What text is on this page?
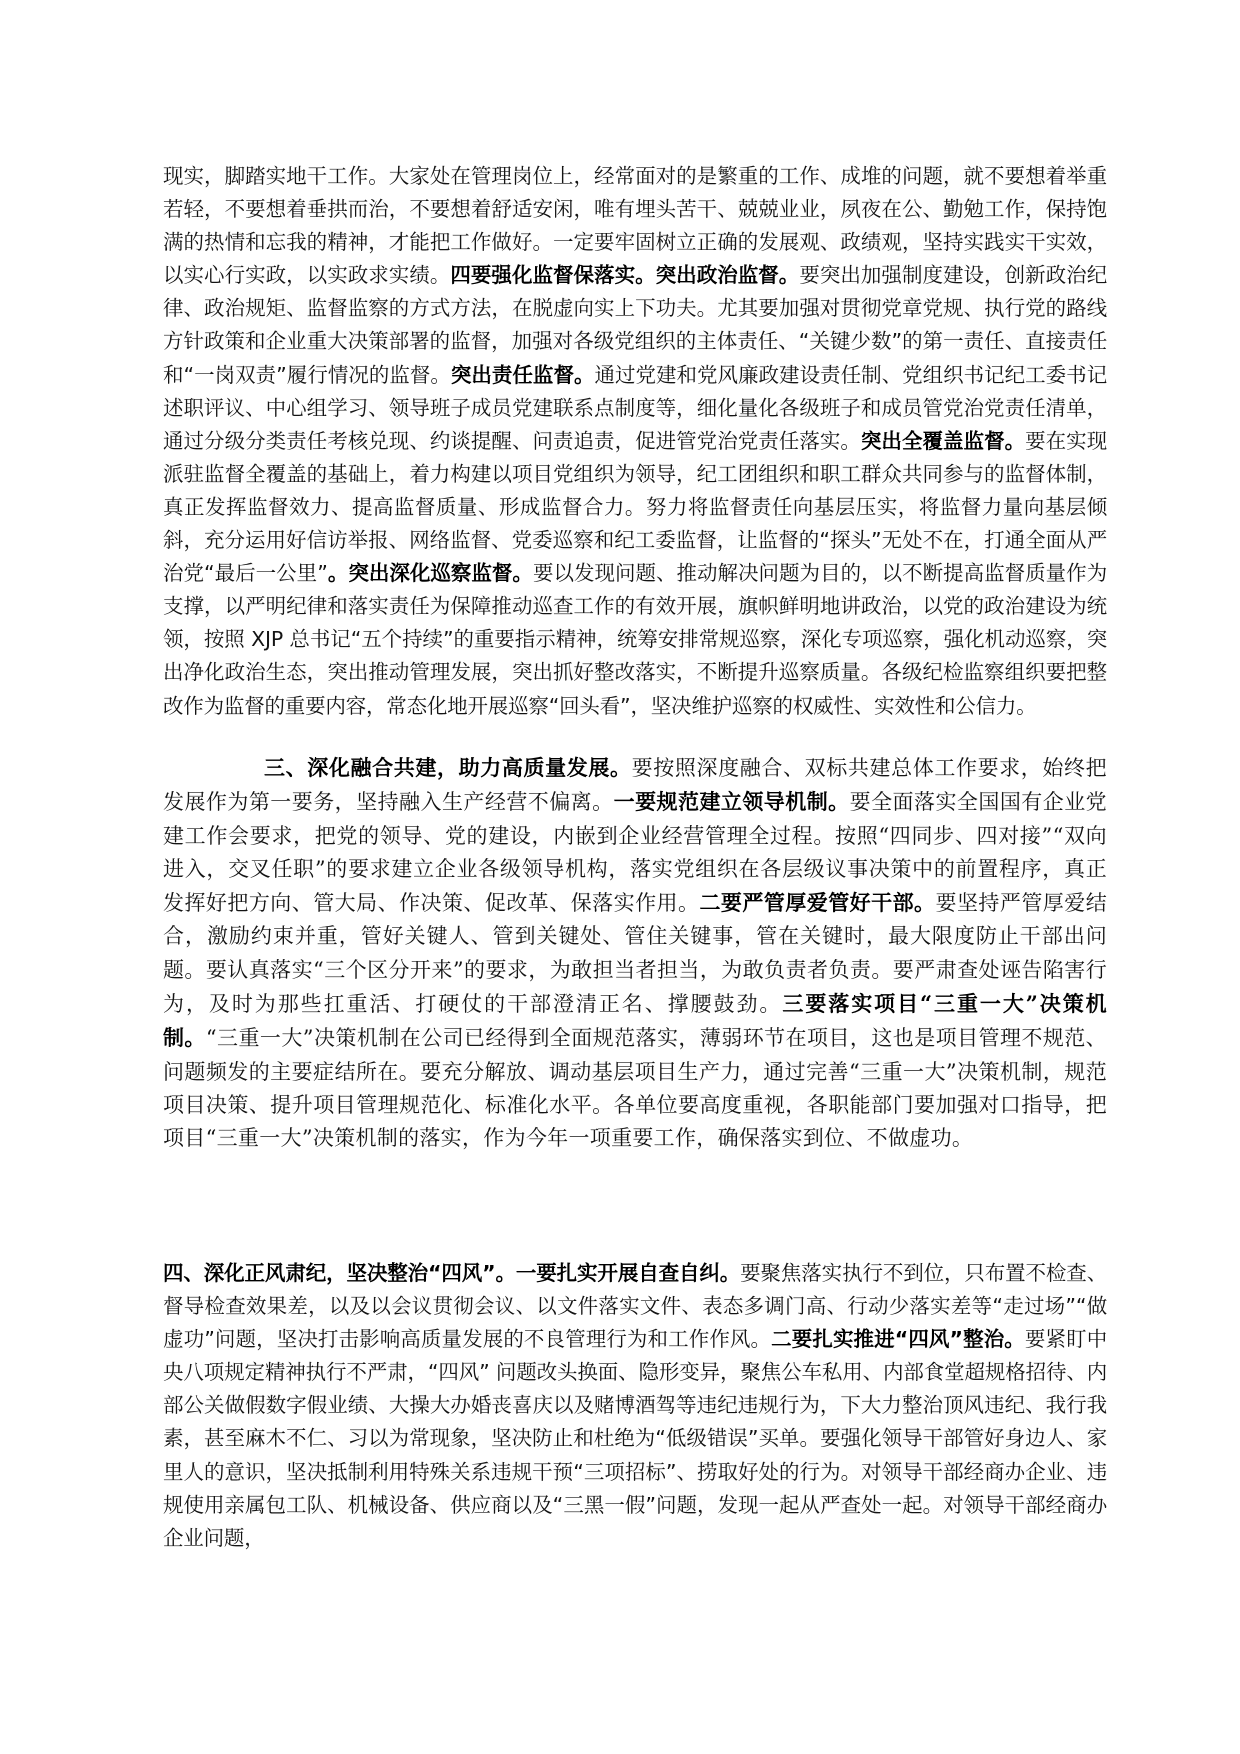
现实，脚踏实地干工作。大家处在管理岗位上，经常面对的是繁重的工作、成堆的问题，就不要想着举重若轻，不要想着垂拱而治，不要想着舒适安闲，唯有埋头苦干、兢兢业业，夙夜在公、勤勉工作，保持饱满的热情和忘我的精神，才能把工作做好。一定要牢固树立正确的发展观、政绩观，坚持实践实干实效，以实心行实政，以实政求实绩。四要强化监督保落实。突出政治监督。要突出加强制度建设，创新政治纪律、政治规矩、监督监察的方式方法，在脱虚向实上下功夫。尤其要加强对贯彻党章党规、执行党的路线方针政策和企业重大决策部署的监督，加强对各级党组织的主体责任、“关键少数”的第一责任、直接责任和“一岗双责”履行情况的监督。突出责任监督。通过党建和党风廉政建设责任制、党组织书记纪工委书记述职评议、中心组学习、领导班子成员党建联系点制度等，细化量化各级班子和成员管党治党责任清单，通过分级分类责任考核兑现、约谈提醒、问责追责，促进管党治党责任落实。突出全覆盖监督。要在实现派驻监督全覆盖的基础上，着力构建以项目党组织为领导，纪工团组织和职工群众共同参与的监督体制，真正发挥监督效力、提高监督质量、形成监督合力。努力将监督责任向基层压实，将监督力量向基层倾斜，充分运用好信访举报、网络监督、党委巡察和纪工委监督，让监督的“探头”无处不在，打通全面从严治党“最后一公里”。突出深化巡察监督。要以发现问题、推动解决问题为目的，以不断提高监督质量作为支撑，以严明纪律和落实责任为保障推动巡查工作的有效开展，旗帜鲜明地讲政治，以党的政治建设为统领，按照 XJP 总书记“五个持续”的重要指示精神，统筹安排常规巡察，深化专项巡察，强化机动巡察，突出净化政治生态，突出推动管理发展，突出抓好整改落实，不断提升巡察质量。各级纪检监察组织要把整改作为监督的重要内容，常态化地开展巡察“回头看”，坚决维护巡察的权威性、实效性和公信力。

三、深化融合共建，助力高质量发展。要按照深度融合、双标共建总体工作要求，始终把发展作为第一要务，坚持融入生产经营不偏离。一要规范建立领导机制。要全面落实全国国有企业党建工作会要求，把党的领导、党的建设，内嵌到企业经营管理全过程。按照“四同步、四对接”“双向进入，交叉任职”的要求建立企业各级领导机构，落实党组织在各层级议事决策中的前置程序，真正发挥好把方向、管大局、作决策、促改革、保落实作用。二要严管厚爱管好干部。要坚持严管厚爱结合，激励约束并重，管好关键人、管到关键处、管住关键事，管在关键时，最大限度防止干部出问题。要认真落实“三个区分开来”的要求，为敢担当者担当，为敢负责者负责。要严肃查处诬告陷害行为，及时为那些扛重活、打硬仗的干部澄清正名、撑腰鼓劲。三要落实项目“三重一大”决策机制。“三重一大”决策机制在公司已经得到全面规范落实，薄弱环节在项目，这也是项目管理不规范、问题频发的主要症结所在。要充分解放、调动基层项目生产力，通过完善“三重一大”决策机制，规范项目决策、提升项目管理规范化、标准化水平。各单位要高度重视，各职能部门要加强对口指导，把项目“三重一大”决策机制的落实，作为今年一项重要工作，确保落实到位、不做虚功。

四、深化正风肃纪，坚决整治“四风”。一要扎实开展自查自纠。要聚焦落实执行不到位，只布置不检查、督导检查效果差，以及以会议贯彻会议、以文件落实文件、表态多调门高、行动少落实差等“走过场”“做虚功”问题，坚决打击影响高质量发展的不良管理行为和工作作风。二要扎实推进“四风”整治。要紧盯中央八项规定精神执行不严肃，“四风” 问题改头换面、隐形变异，聚焦公车私用、内部食堂超规格招待、内部公关做假数字假业绩、大操大办婚丧喜庆以及赌博酒驾等违纪违规行为，下大力整治顶风违纪、我行我素，甚至麻木不仁、习以为常现象，坚决防止和杜绝为“低级错误”买单。要强化领导干部管好身边人、家里人的意识，坚决抵制利用特殊关系违规干预“三项招标”、捞取好处的行为。对领导干部经商办企业、违规使用亲属包工队、机械设备、供应商以及“三黑一假”问题，发现一起从严查处一起。对领导干部经商办企业问题，
